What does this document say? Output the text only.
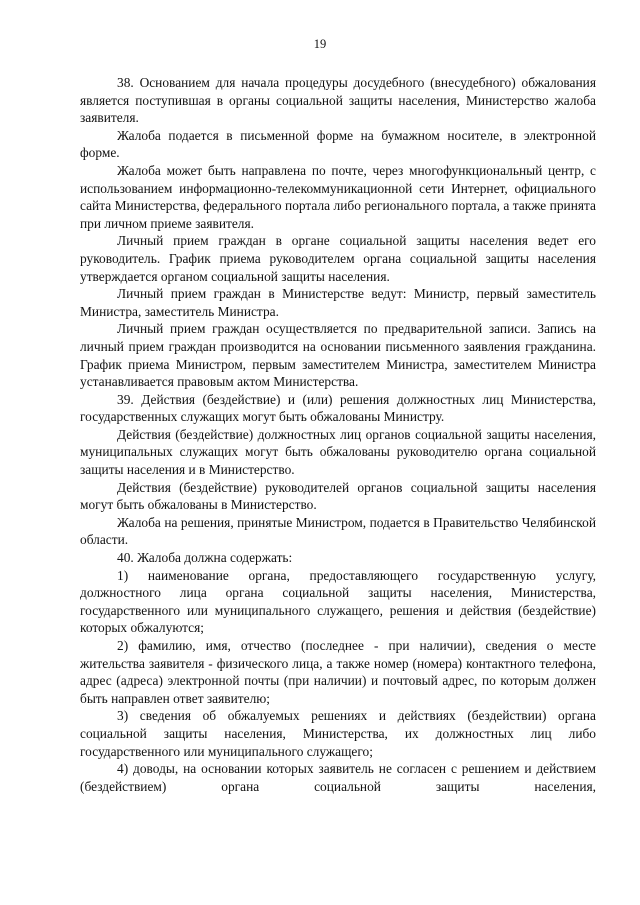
19

38. Основанием для начала процедуры досудебного (внесудебного) обжалования является поступившая в органы социальной защиты населения, Министерство жалоба заявителя.

Жалоба подается в письменной форме на бумажном носителе, в электронной форме.

Жалоба может быть направлена по почте, через многофункциональный центр, с использованием информационно-телекоммуникационной сети Интернет, официального сайта Министерства, федерального портала либо регионального портала, а также принята при личном приеме заявителя.

Личный прием граждан в органе социальной защиты населения ведет его руководитель. График приема руководителем органа социальной защиты населения утверждается органом социальной защиты населения.

Личный прием граждан в Министерстве ведут: Министр, первый заместитель Министра, заместитель Министра.

Личный прием граждан осуществляется по предварительной записи. Запись на личный прием граждан производится на основании письменного заявления гражданина. График приема Министром, первым заместителем Министра, заместителем Министра устанавливается правовым актом Министерства.

39. Действия (бездействие) и (или) решения должностных лиц Министерства, государственных служащих могут быть обжалованы Министру.

Действия (бездействие) должностных лиц органов социальной защиты населения, муниципальных служащих могут быть обжалованы руководителю органа социальной защиты населения и в Министерство.

Действия (бездействие) руководителей органов социальной защиты населения могут быть обжалованы в Министерство.

Жалоба на решения, принятые Министром, подается в Правительство Челябинской области.

40. Жалоба должна содержать:

1) наименование органа, предоставляющего государственную услугу, должностного лица органа социальной защиты населения, Министерства, государственного или муниципального служащего, решения и действия (бездействие) которых обжалуются;

2) фамилию, имя, отчество (последнее - при наличии), сведения о месте жительства заявителя - физического лица, а также номер (номера) контактного телефона, адрес (адреса) электронной почты (при наличии) и почтовый адрес, по которым должен быть направлен ответ заявителю;

3) сведения об обжалуемых решениях и действиях (бездействии) органа социальной защиты населения, Министерства, их должностных лиц либо государственного или муниципального служащего;

4) доводы, на основании которых заявитель не согласен с решением и действием (бездействием) органа социальной защиты населения,
